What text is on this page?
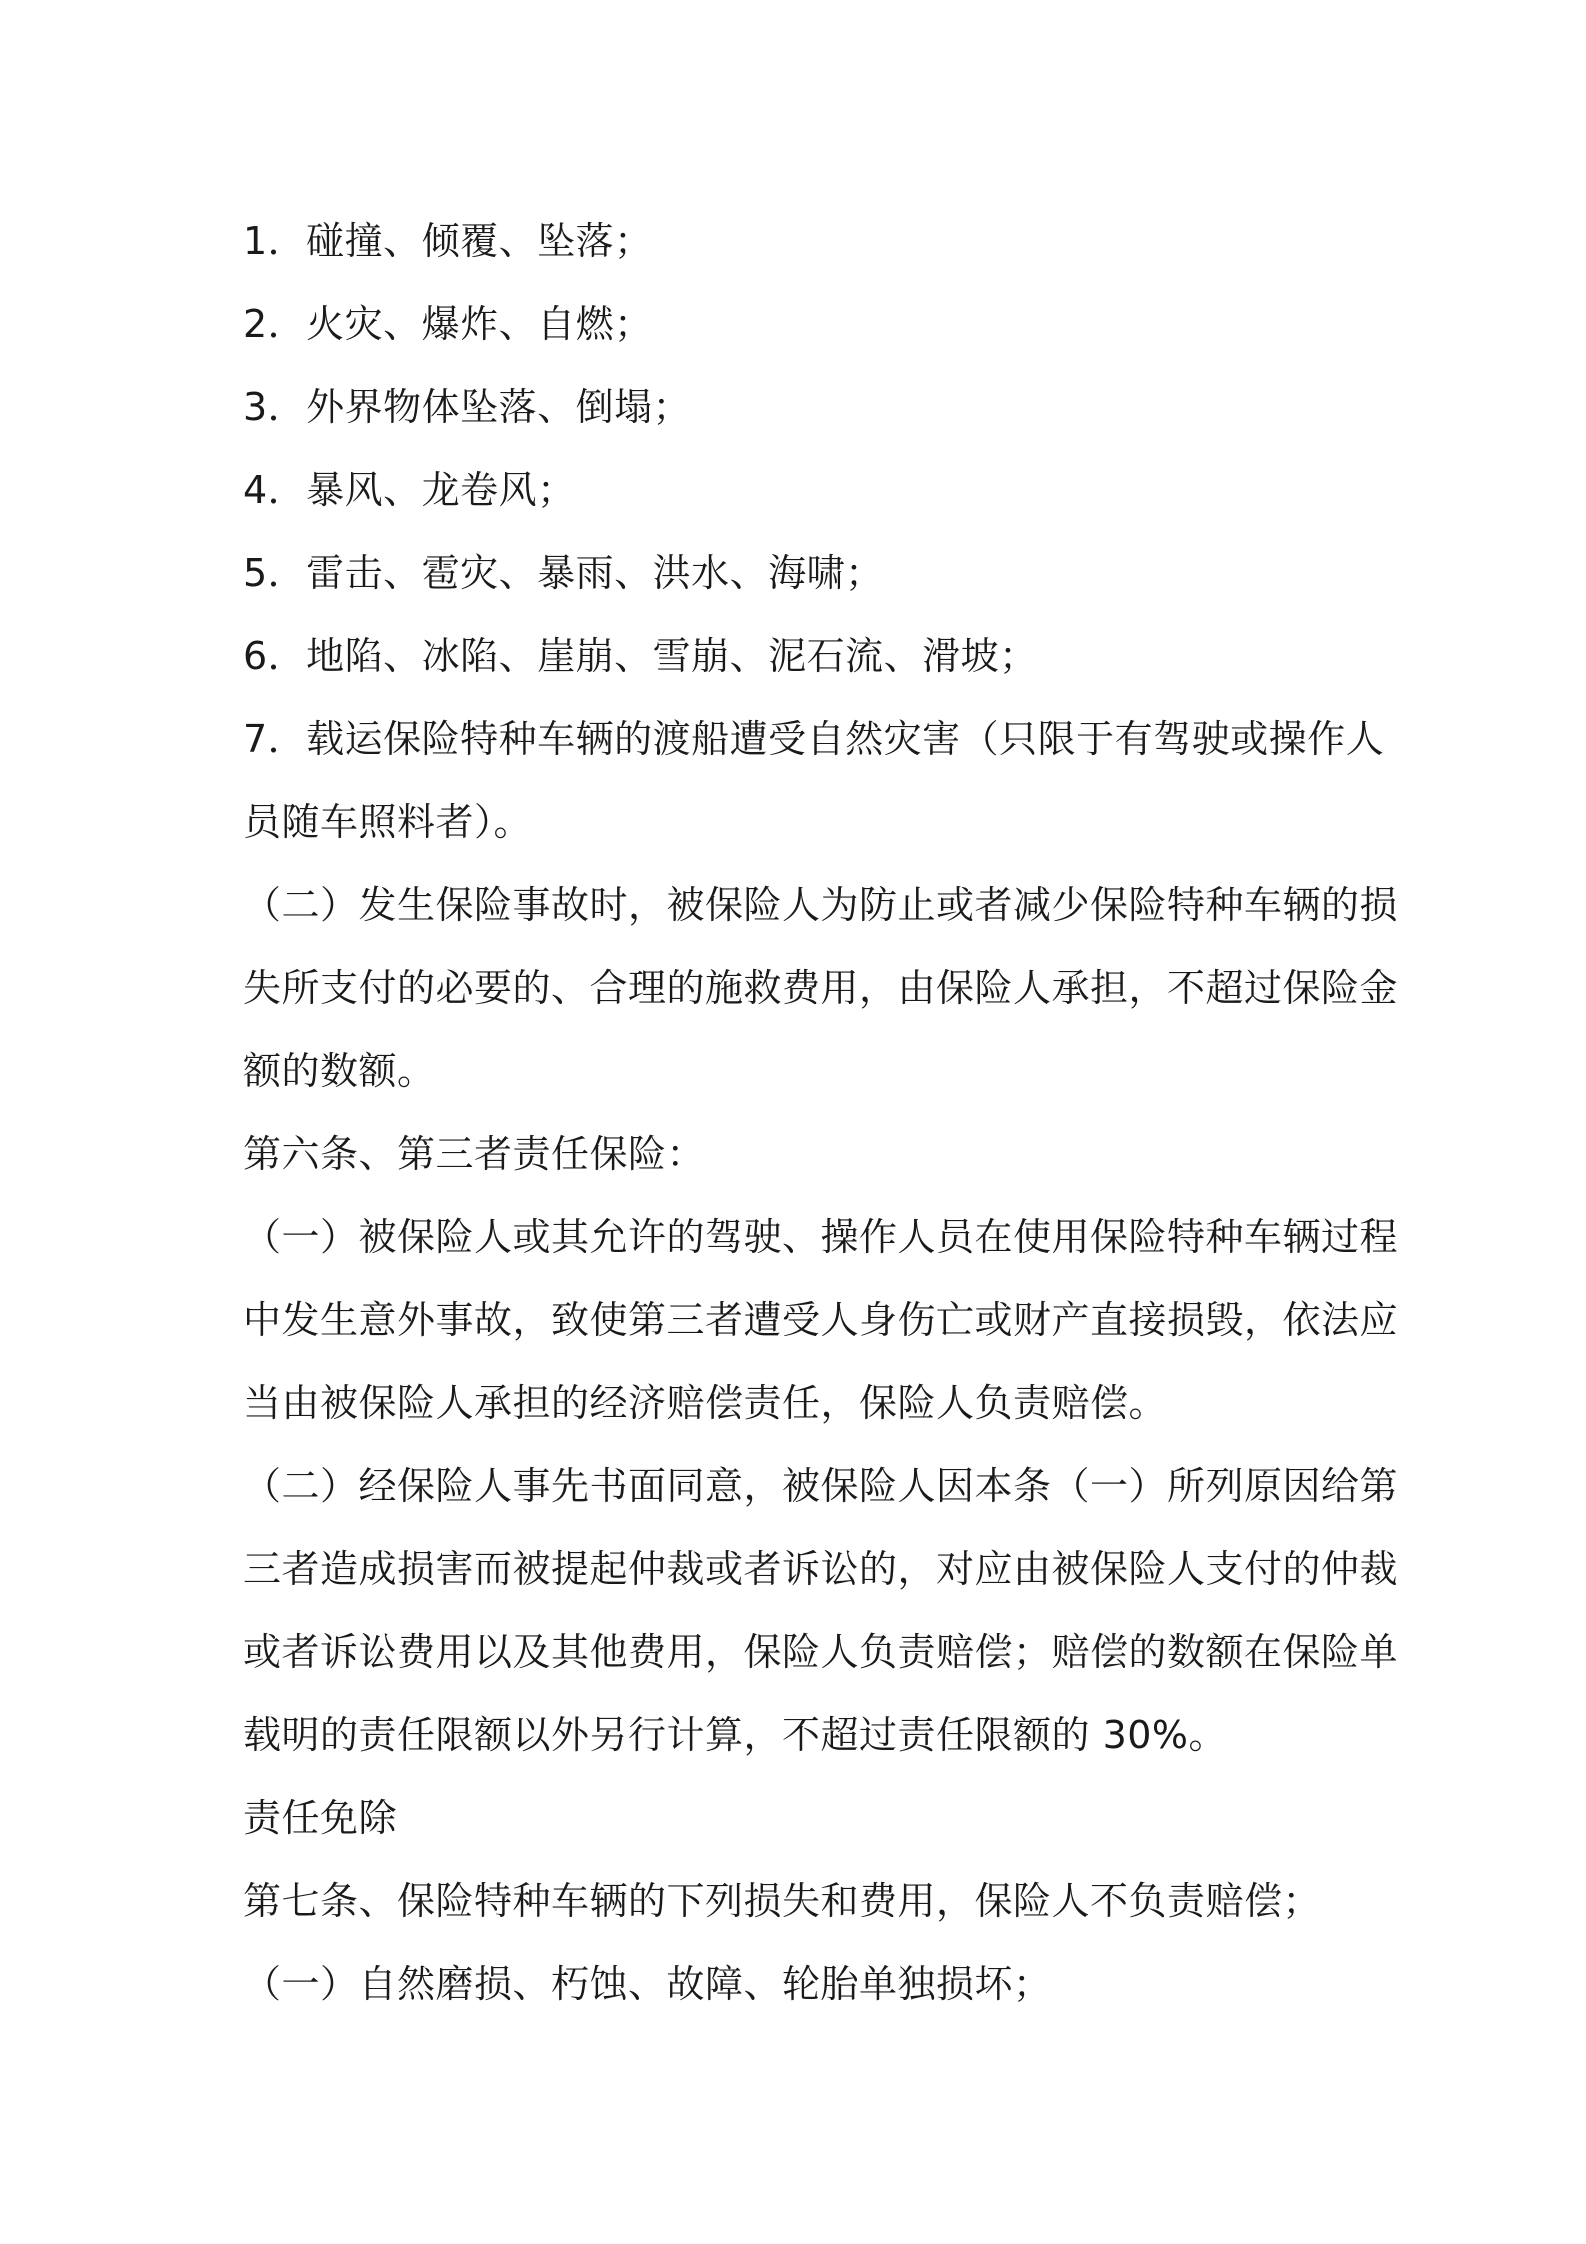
1．碰撞、倾覆、坠落；
2．火灾、爆炸、自燃；
3．外界物体坠落、倒塌；
4．暴风、龙卷风；
5．雷击、雹灾、暴雨、洪水、海啸；
6．地陷、冰陷、崖崩、雪崩、泥石流、滑坡；
7．载运保险特种车辆的渡船遭受自然灾害（只限于有驾驶或操作人
员随车照料者）。
（二）发生保险事故时，被保险人为防止或者减少保险特种车辆的损
失所支付的必要的、合理的施救费用，由保险人承担，不超过保险金
额的数额。
第六条、第三者责任保险：
（一）被保险人或其允许的驾驶、操作人员在使用保险特种车辆过程
中发生意外事故，致使第三者遭受人身伤亡或财产直接损毁，依法应
当由被保险人承担的经济赔偿责任，保险人负责赔偿。
（二）经保险人事先书面同意，被保险人因本条（一）所列原因给第
三者造成损害而被提起仲裁或者诉讼的，对应由被保险人支付的仲裁
或者诉讼费用以及其他费用，保险人负责赔偿；赔偿的数额在保险单
载明的责任限额以外另行计算，不超过责任限额的 30%。
责任免除
第七条、保险特种车辆的下列损失和费用，保险人不负责赔偿；
（一）自然磨损、朽蚀、故障、轮胎单独损坏；
